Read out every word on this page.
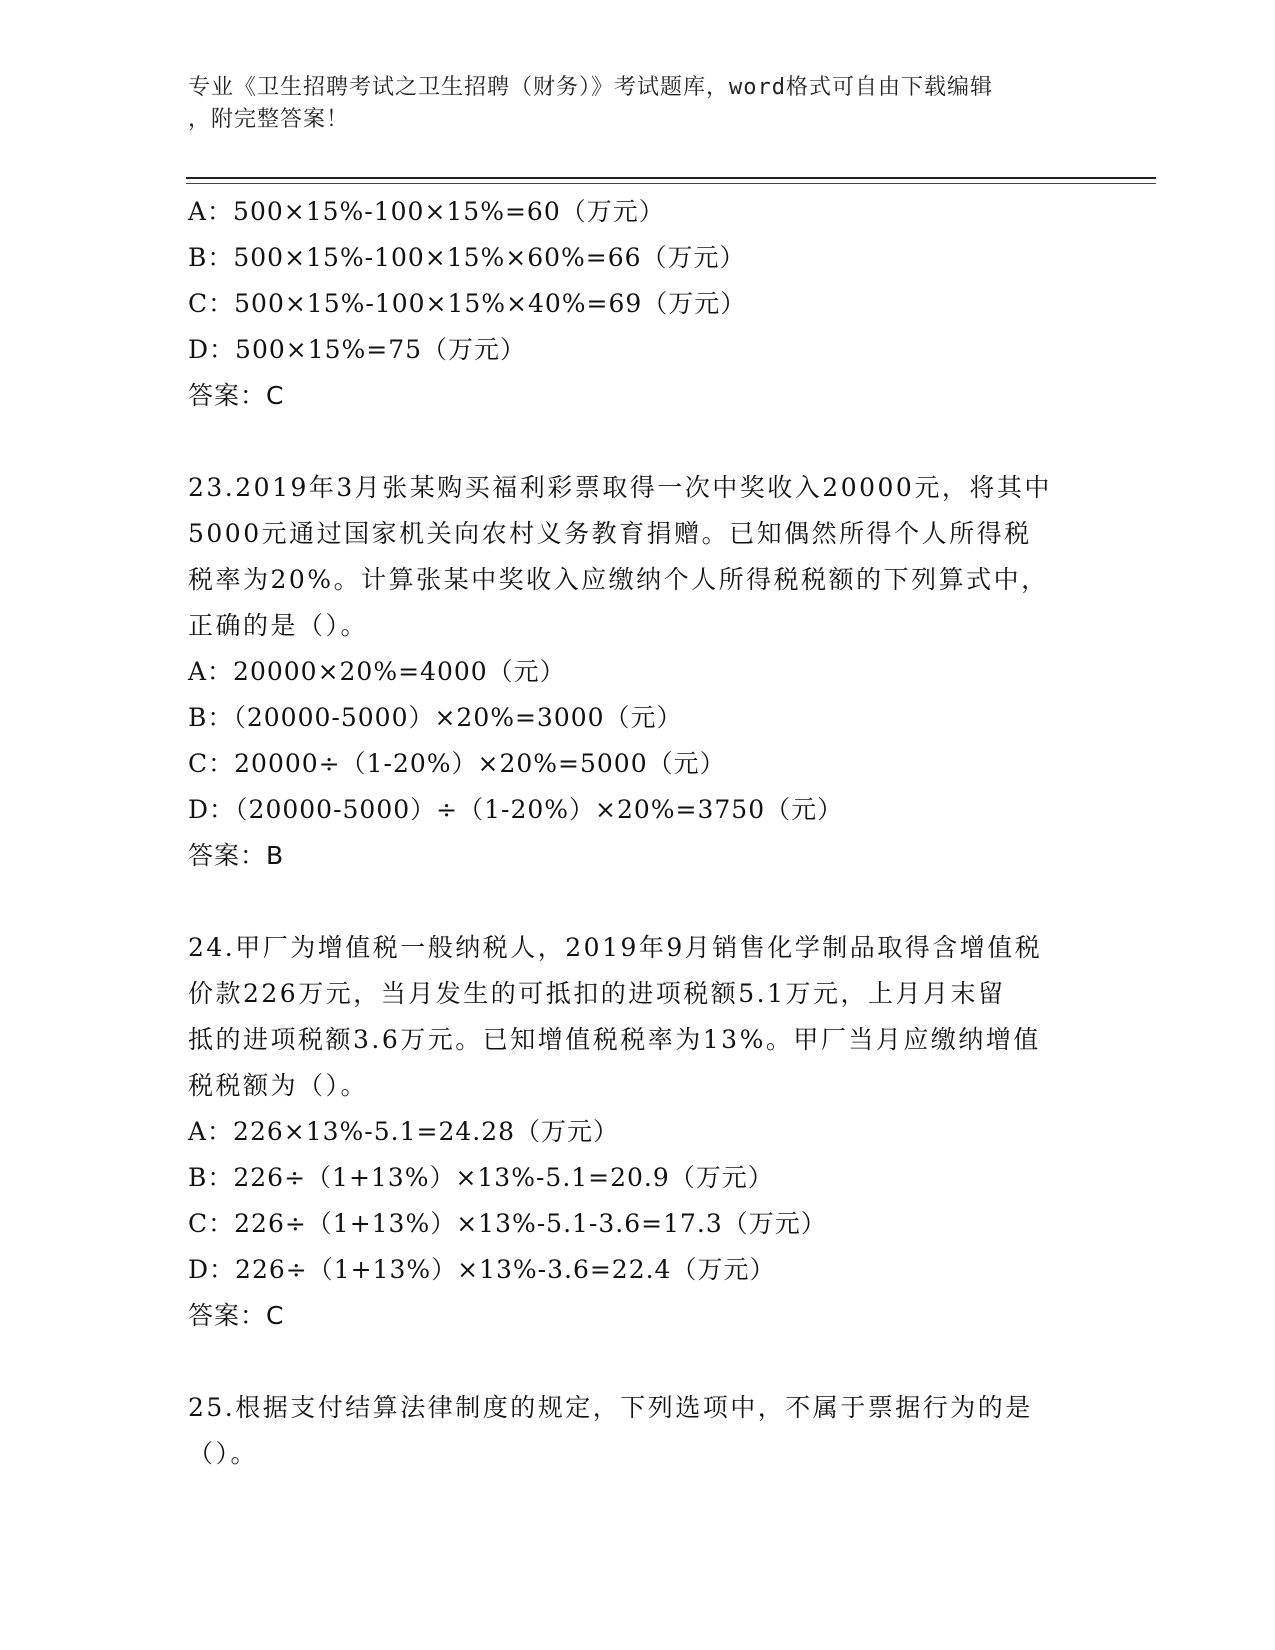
专业《卫生招聘考试之卫生招聘（财务）》考试题库，word格式可自由下载编辑
，附完整答案！
A：500×15%-100×15%=60（万元）
B：500×15%-100×15%×60%=66（万元）
C：500×15%-100×15%×40%=69（万元）
D：500×15%=75（万元）
答案：C
23.2019年3月张某购买福利彩票取得一次中奖收入20000元，将其中
5000元通过国家机关向农村义务教育捐赠。已知偶然所得个人所得税
税率为20%。计算张某中奖收入应缴纳个人所得税税额的下列算式中，
正确的是（）。
A：20000×20%=4000（元）
B：（20000-5000）×20%=3000（元）
C：20000÷（1-20%）×20%=5000（元）
D：（20000-5000）÷（1-20%）×20%=3750（元）
答案：B
24.甲厂为增值税一般纳税人，2019年9月销售化学制品取得含增值税
价款226万元，当月发生的可抵扣的进项税额5.1万元，上月月末留
抵的进项税额3.6万元。已知增值税税率为13%。甲厂当月应缴纳增值
税税额为（）。
A：226×13%-5.1=24.28（万元）
B：226÷（1+13%）×13%-5.1=20.9（万元）
C：226÷（1+13%）×13%-5.1-3.6=17.3（万元）
D：226÷（1+13%）×13%-3.6=22.4（万元）
答案：C
25.根据支付结算法律制度的规定，下列选项中，不属于票据行为的是
（）。
